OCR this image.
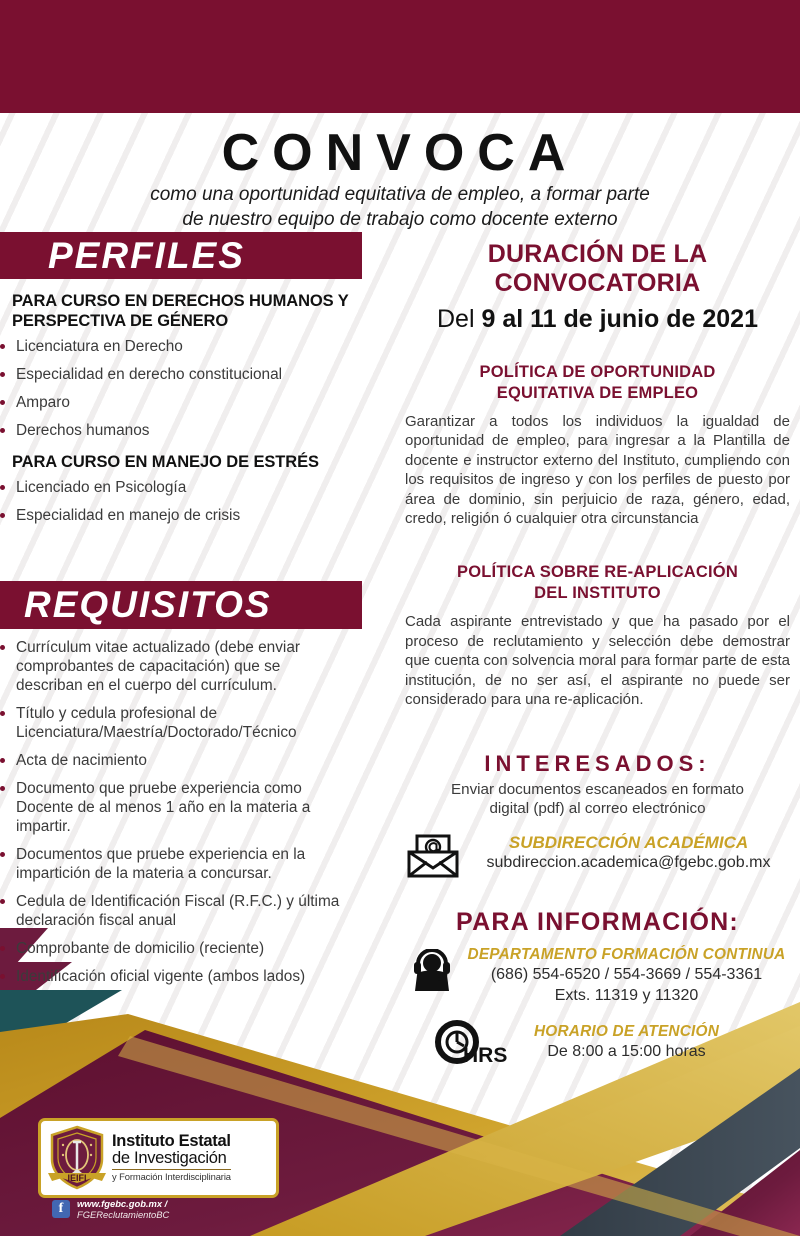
CONVOCA
como una oportunidad equitativa de empleo, a formar parte
de nuestro equipo de trabajo como docente externo
PERFILES
PARA CURSO EN DERECHOS HUMANOS Y PERSPECTIVA DE GÉNERO
Licenciatura en Derecho
Especialidad en derecho constitucional
Amparo
Derechos humanos
PARA CURSO EN MANEJO DE ESTRÉS
Licenciado en Psicología
Especialidad en manejo de crisis
REQUISITOS
Currículum vitae actualizado (debe enviar comprobantes de capacitación) que se describan en el cuerpo del currículum.
Título y cedula profesional de Licenciatura/Maestría/Doctorado/Técnico
Acta de nacimiento
Documento que pruebe experiencia como Docente de al menos 1 año en la materia a impartir.
Documentos que pruebe experiencia en la impartición de la materia a concursar.
Cedula de Identificación Fiscal (R.F.C.) y última declaración fiscal anual
Comprobante de domicilio (reciente)
Identificación oficial vigente (ambos lados)
DURACIÓN DE LA
CONVOCATORIA
Del 9 al 11 de junio de 2021
POLÍTICA DE OPORTUNIDAD
EQUITATIVA DE EMPLEO
Garantizar a todos los individuos la igualdad de oportunidad de empleo, para ingresar a la Plantilla de docente e instructor externo del Instituto, cumpliendo con los requisitos de ingreso y con los perfiles de puesto por área de dominio, sin perjuicio de raza, género, edad, credo, religión ó cualquier otra circunstancia
POLÍTICA SOBRE RE-APLICACIÓN
DEL INSTITUTO
Cada aspirante entrevistado y que ha pasado por el proceso de reclutamiento y selección debe demostrar que cuenta con solvencia moral para formar parte de esta institución, de no ser así, el aspirante no puede ser considerado para una re-aplicación.
INTERESADOS:
Enviar documentos escaneados en formato
digital (pdf) al correo electrónico
SUBDIRECCIÓN ACADÉMICA
subdireccion.academica@fgebc.gob.mx
PARA INFORMACIÓN:
DEPARTAMENTO FORMACIÓN CONTINUA
(686) 554-6520 / 554-3669 / 554-3361
Exts. 11319 y 11320
HRS
HORARIO DE ATENCIÓN
De 8:00 a 15:00 horas
IEIFI
Instituto Estatal
de Investigación
y Formación Interdisciplinaria
f	www.fgebc.gob.mx /
FGEReclutamientoBC
